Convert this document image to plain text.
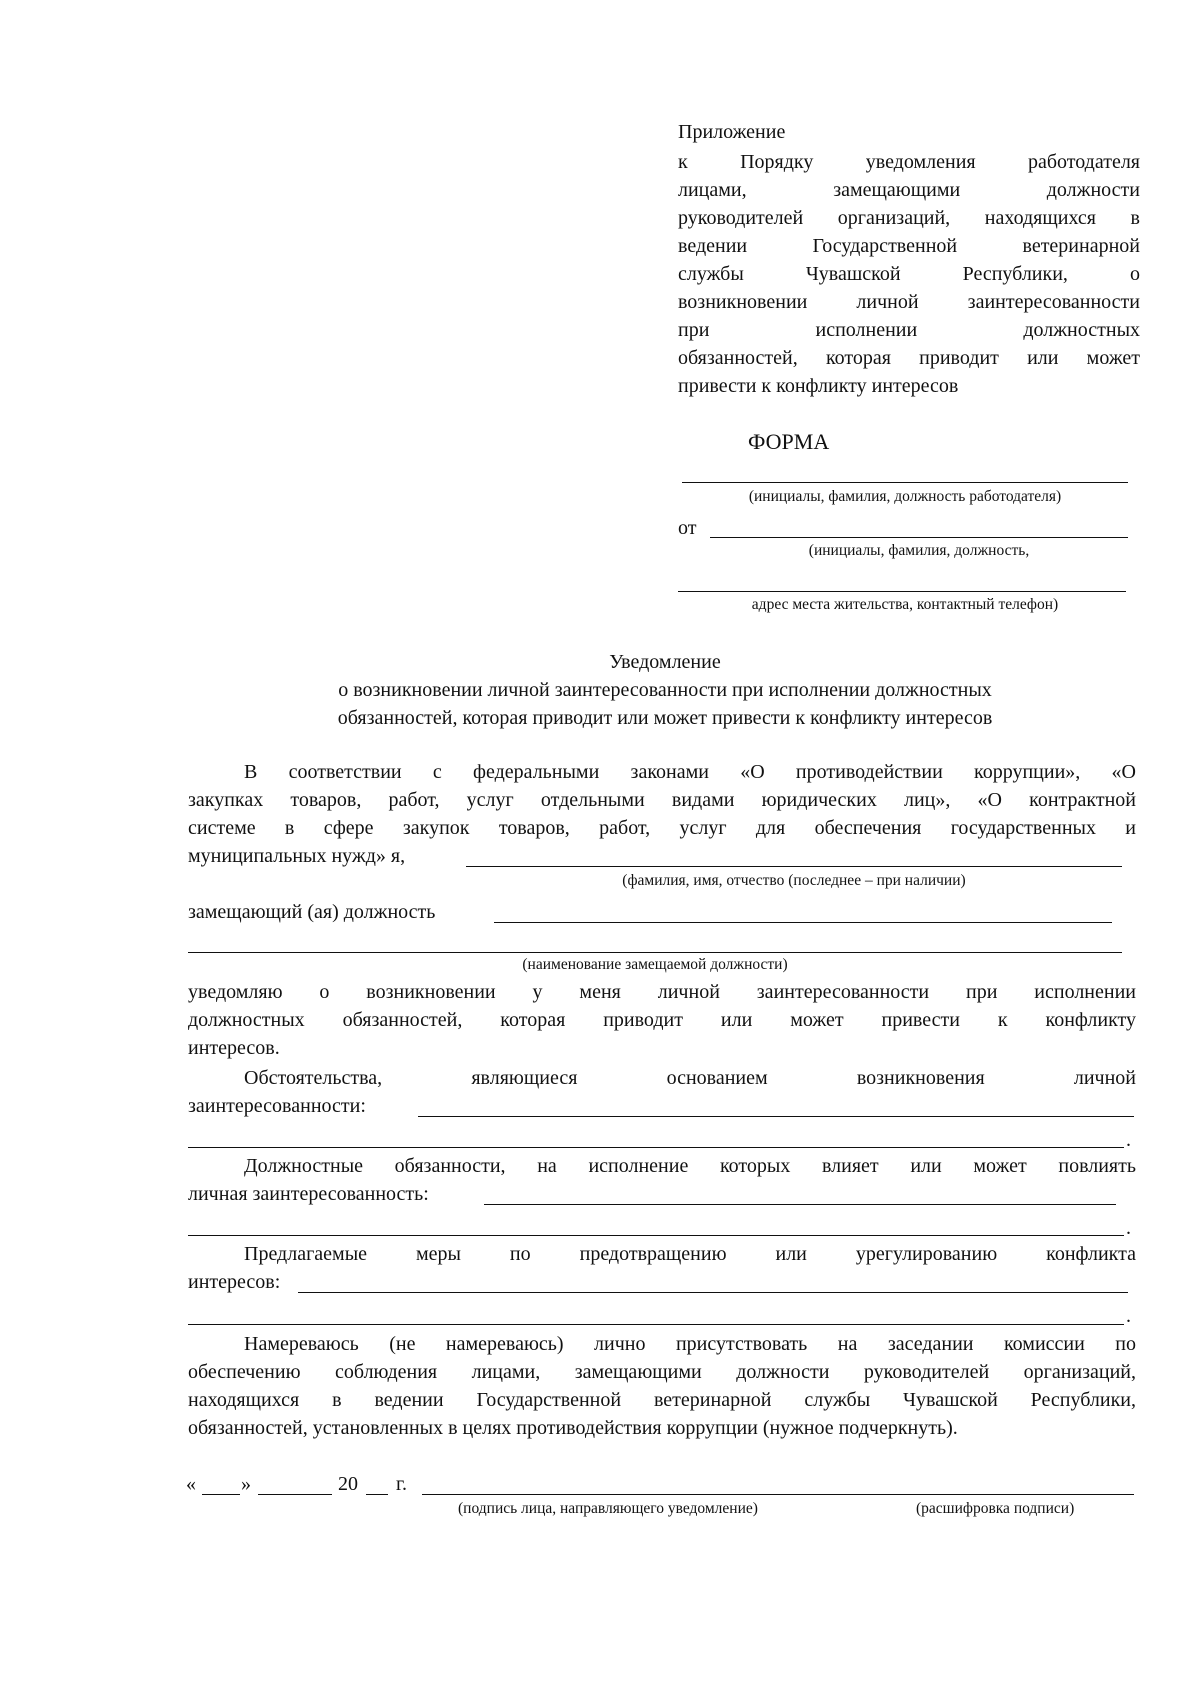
Приложение
к Порядку уведомления работодателя
лицами, замещающими должности
руководителей организаций, находящихся в
ведении Государственной ветеринарной
службы Чувашской Республики, о
возникновении личной заинтересованности
при исполнении должностных
обязанностей, которая приводит или может
привести к конфликту интересов
ФОРМА
(инициалы, фамилия, должность работодателя)
от
(инициалы, фамилия, должность,
адрес места жительства, контактный телефон)
Уведомление
о возникновении личной заинтересованности при исполнении должностных
обязанностей, которая приводит или может привести к конфликту интересов
В соответствии с федеральными законами «О противодействии коррупции», «О
закупках товаров, работ, услуг отдельными видами юридических лиц», «О контрактной
системе в сфере закупок товаров, работ, услуг для обеспечения государственных и
муниципальных нужд» я,
(фамилия, имя, отчество (последнее – при наличии)
замещающий (ая) должность
(наименование замещаемой должности)
уведомляю о возникновении у меня личной заинтересованности при исполнении
должностных обязанностей, которая приводит или может привести к конфликту
интересов.
Обстоятельства, являющиеся основанием возникновения личной
заинтересованности:
.
Должностные обязанности, на исполнение которых влияет или может повлиять
личная заинтересованность:
.
Предлагаемые меры по предотвращению или урегулированию конфликта
интересов:
.
Намереваюсь (не намереваюсь) лично присутствовать на заседании комиссии по
обеспечению соблюдения лицами, замещающими должности руководителей организаций,
находящихся в ведении Государственной ветеринарной службы Чувашской Республики,
обязанностей, установленных в целях противодействия коррупции (нужное подчеркнуть).
« »	20 г.
(подпись лица, направляющего уведомление)	(расшифровка подписи)
